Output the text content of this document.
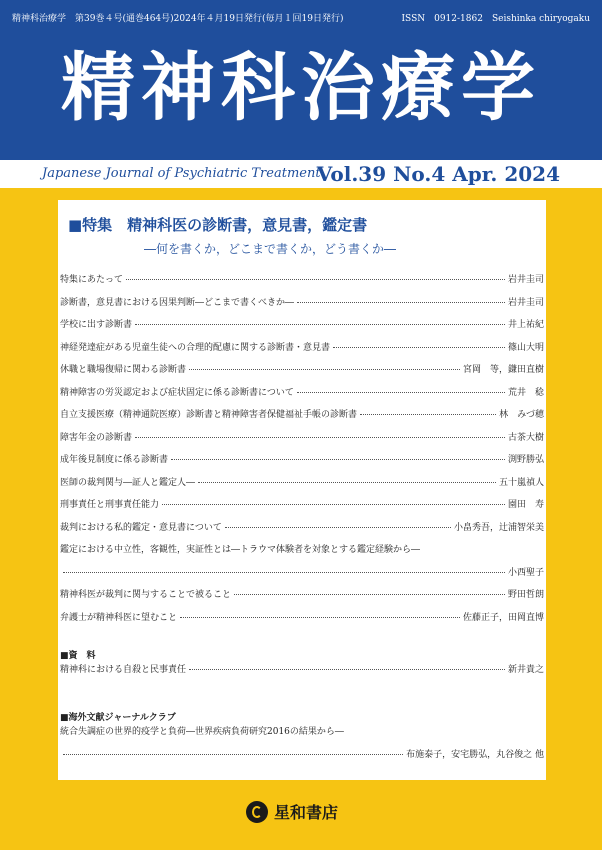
精神科治療学　第39巻４号(通巻464号)2024年４月19日発行(毎月１回19日発行)	ISSN　0912-1862　Seishinka chiryogaku
精神科治療学
Japanese Journal of Psychiatric Treatment
Vol.39 No.4 Apr. 2024
■特集　精神科医の診断書，意見書，鑑定書
―何を書くか，どこまで書くか，どう書くか―
特集にあたって	岩井圭司
診断書，意見書における因果判断―どこまで書くべきか―	岩井圭司
学校に出す診断書	井上祐紀
神経発達症がある児童生徒への合理的配慮に関する診断書・意見書	篠山大明
休職と職場復帰に関わる診断書	宮岡　等，鎌田直樹
精神障害の労災認定および症状固定に係る診断書について	荒井　稔
自立支援医療（精神通院医療）診断書と精神障害者保健福祉手帳の診断書	林　みづ穂
障害年金の診断書	古茶大樹
成年後見制度に係る診断書	渕野勝弘
医師の裁判関与―証人と鑑定人―	五十嵐禎人
刑事責任と刑事責任能力	園田　寿
裁判における私的鑑定・意見書について	小畠秀吾，辻浦智栄美
鑑定における中立性，客観性，実証性とは―トラウマ体験者を対象とする鑑定経験から―
小西聖子
精神科医が裁判に関与することで被ること	野田哲朗
弁護士が精神科医に望むこと	佐藤正子，田岡直博
■資　料
精神科における自殺と民事責任	新井貴之
■海外文献ジャーナルクラブ
統合失調症の世界的疫学と負荷―世界疾病負荷研究2016の結果から―
布施泰子，安宅勝弘，丸谷俊之 他
星和書店
